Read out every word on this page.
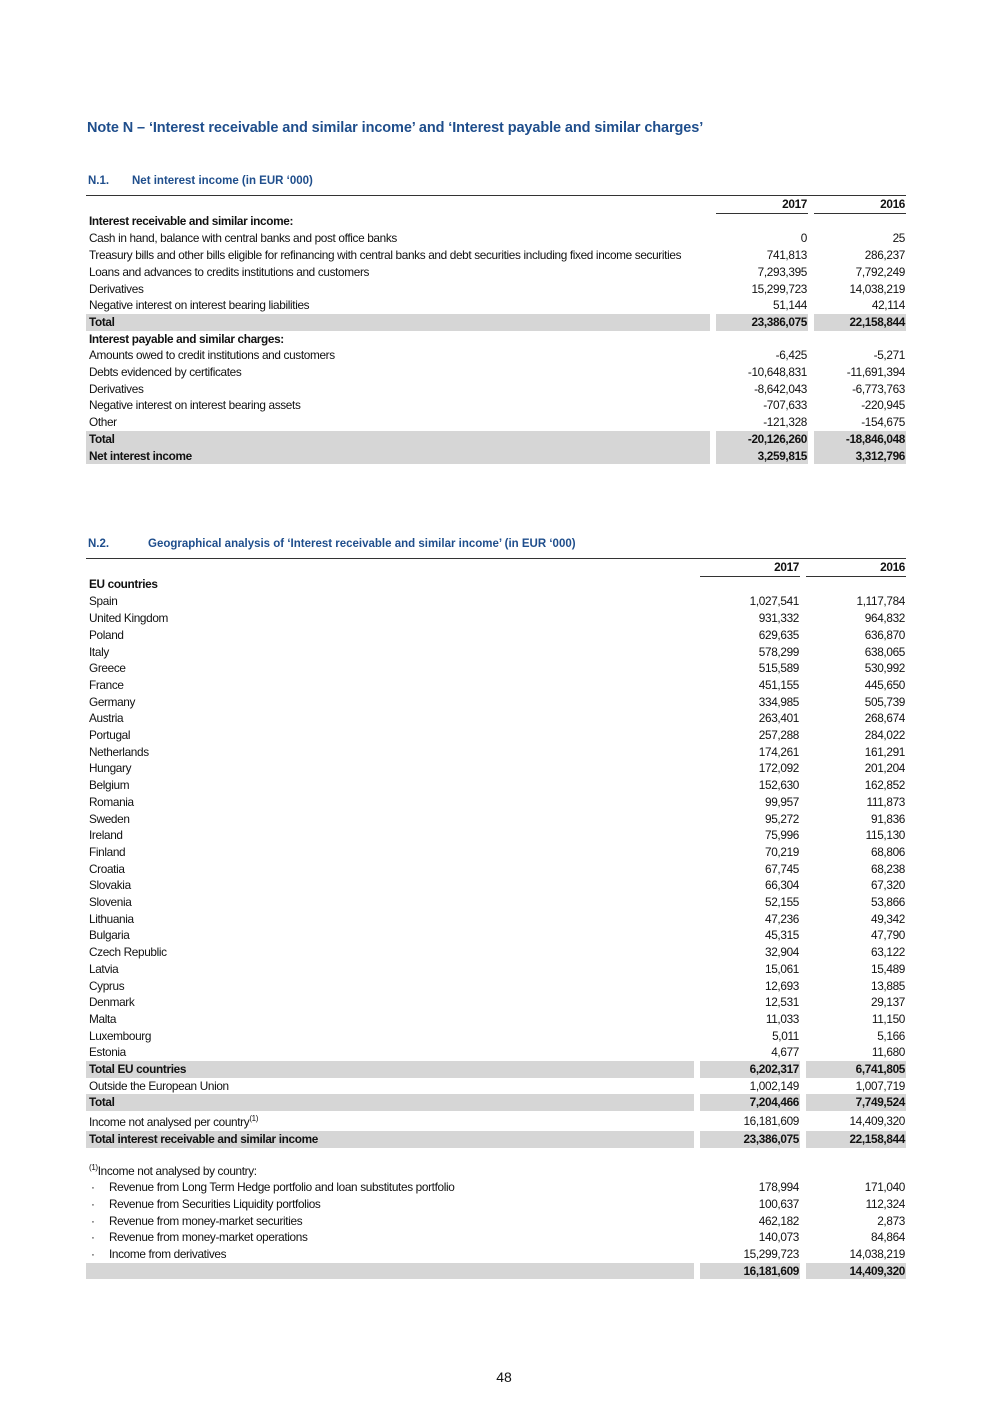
Note N – ‘Interest receivable and similar income’ and ‘Interest payable and similar charges’
N.1. Net interest income (in EUR ‘000)
		2017		2016
Interest receivable and similar income:				
Cash in hand, balance with central banks and post office banks		0		25
Treasury bills and other bills eligible for refinancing with central banks and debt securities including fixed income securities		741,813		286,237
Loans and advances to credits institutions and customers		7,293,395		7,792,249
Derivatives		15,299,723		14,038,219
Negative interest on interest bearing liabilities		51,144		42,114
Total		23,386,075		22,158,844
Interest payable and similar charges:				
Amounts owed to credit institutions and customers		-6,425		-5,271
Debts evidenced by certificates		-10,648,831		-11,691,394
Derivatives		-8,642,043		-6,773,763
Negative interest on interest bearing assets		-707,633		-220,945
Other		-121,328		-154,675
Total		-20,126,260		-18,846,048
Net interest income		3,259,815		3,312,796
N.2.	Geographical analysis of ‘Interest receivable and similar income’ (in EUR ‘000)
		2017		2016
EU countries				
Spain		1,027,541		1,117,784
United Kingdom		931,332		964,832
Poland		629,635		636,870
Italy		578,299		638,065
Greece		515,589		530,992
France		451,155		445,650
Germany		334,985		505,739
Austria		263,401		268,674
Portugal		257,288		284,022
Netherlands		174,261		161,291
Hungary		172,092		201,204
Belgium		152,630		162,852
Romania		99,957		111,873
Sweden		95,272		91,836
Ireland		75,996		115,130
Finland		70,219		68,806
Croatia		67,745		68,238
Slovakia		66,304		67,320
Slovenia		52,155		53,866
Lithuania		47,236		49,342
Bulgaria		45,315		47,790
Czech Republic		32,904		63,122
Latvia		15,061		15,489
Cyprus		12,693		13,885
Denmark		12,531		29,137
Malta		11,033		11,150
Luxembourg		5,011		5,166
Estonia		4,677		11,680
Total EU countries		6,202,317		6,741,805
Outside the European Union		1,002,149		1,007,719
Total		7,204,466		7,749,524
Income not analysed per country$^{(1)}$		16,181,609		14,409,320
Total interest receivable and similar income		23,386,075		22,158,844

$^{(1)}$Income not analysed by country:				
· Revenue from Long Term Hedge portfolio and loan substitutes portfolio		178,994		171,040
· Revenue from Securities Liquidity portfolios		100,637		112,324
· Revenue from money-market securities		462,182		2,873
· Revenue from money-market operations		140,073		84,864
· Income from derivatives		15,299,723		14,038,219
		16,181,609		14,409,320
48
